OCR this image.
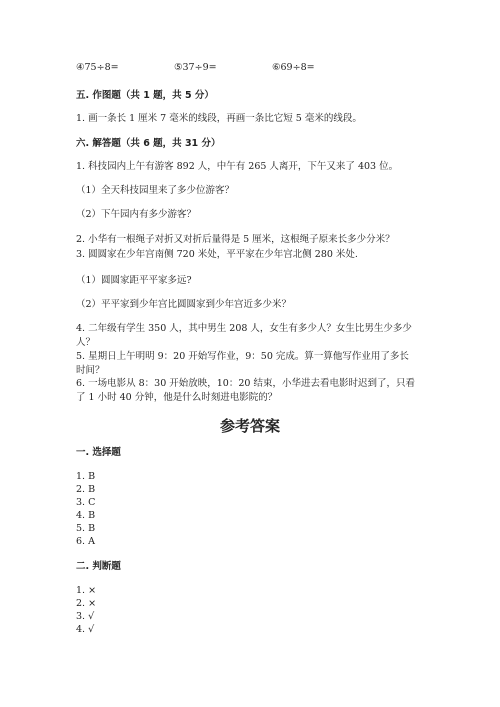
④75÷8=	⑤37÷9=	⑥69÷8=
五. 作图题（共 1 题，共 5 分）
1. 画一条长 1 厘米 7 毫米的线段，再画一条比它短 5 毫米的线段。
六. 解答题（共 6 题，共 31 分）
1. 科技园内上午有游客 892 人，中午有 265 人离开，下午又来了 403 位。
（1）全天科技园里来了多少位游客？
（2）下午园内有多少游客？
2. 小华有一根绳子对折又对折后量得是 5 厘米，这根绳子原来长多少分米？
3. 圆圆家在少年宫南侧 720 米处，平平家在少年宫北侧 280 米处.
（1）圆圆家距平平家多远?
（2）平平家到少年宫比圆圆家到少年宫近多少米？
4. 二年级有学生 350 人，其中男生 208 人，女生有多少人？女生比男生少多少
人？
5. 星期日上午明明 9：20 开始写作业，9：50 完成。算一算他写作业用了多长
时间？
6. 一场电影从 8：30 开始放映，10：20 结束，小华进去看电影时迟到了，只看
了 1 小时 40 分钟，他是什么时刻进电影院的？
参考答案
一. 选择题
1. B
2. B
3. C
4. B
5. B
6. A
二. 判断题
1. ×
2. ×
3. √
4. √
